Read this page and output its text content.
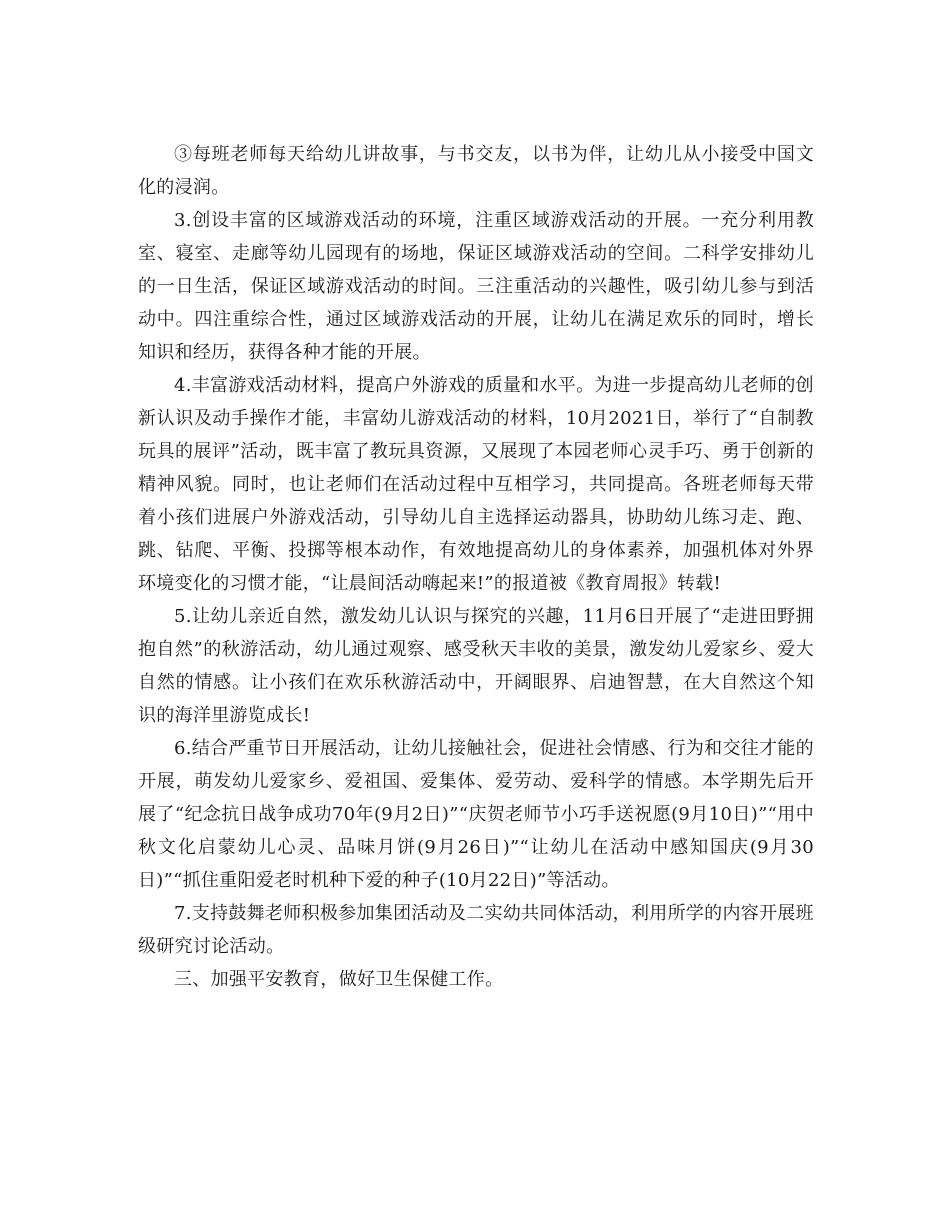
③每班老师每天给幼儿讲故事，与书交友，以书为伴，让幼儿从小接受中国文化的浸润。

3.创设丰富的区域游戏活动的环境，注重区域游戏活动的开展。一充分利用教室、寝室、走廊等幼儿园现有的场地，保证区域游戏活动的空间。二科学安排幼儿的一日生活，保证区域游戏活动的时间。三注重活动的兴趣性，吸引幼儿参与到活动中。四注重综合性，通过区域游戏活动的开展，让幼儿在满足欢乐的同时，增长知识和经历，获得各种才能的开展。

4.丰富游戏活动材料，提高户外游戏的质量和水平。为进一步提高幼儿老师的创新认识及动手操作才能，丰富幼儿游戏活动的材料，10月2021日，举行了“自制教玩具的展评”活动，既丰富了教玩具资源，又展现了本园老师心灵手巧、勇于创新的精神风貌。同时，也让老师们在活动过程中互相学习，共同提高。各班老师每天带着小孩们进展户外游戏活动，引导幼儿自主选择运动器具，协助幼儿练习走、跑、跳、钻爬、平衡、投掷等根本动作，有效地提高幼儿的身体素养，加强机体对外界环境变化的习惯才能，“让晨间活动嗨起来!”的报道被《教育周报》转载!

5.让幼儿亲近自然，激发幼儿认识与探究的兴趣，11月6日开展了“走进田野拥抱自然”的秋游活动，幼儿通过观察、感受秋天丰收的美景，激发幼儿爱家乡、爱大自然的情感。让小孩们在欢乐秋游活动中，开阔眼界、启迪智慧，在大自然这个知识的海洋里游览成长!

6.结合严重节日开展活动，让幼儿接触社会，促进社会情感、行为和交往才能的开展，萌发幼儿爱家乡、爱祖国、爱集体、爱劳动、爱科学的情感。本学期先后开展了“纪念抗日战争成功70年(9月2日)”“庆贺老师节小巧手送祝愿(9月10日)”“用中秋文化启蒙幼儿心灵、品味月饼(9月26日)”“让幼儿在活动中感知国庆(9月30日)”“抓住重阳爱老时机种下爱的种子(10月22日)”等活动。

7.支持鼓舞老师积极参加集团活动及二实幼共同体活动，利用所学的内容开展班级研究讨论活动。

三、加强平安教育，做好卫生保健工作。
